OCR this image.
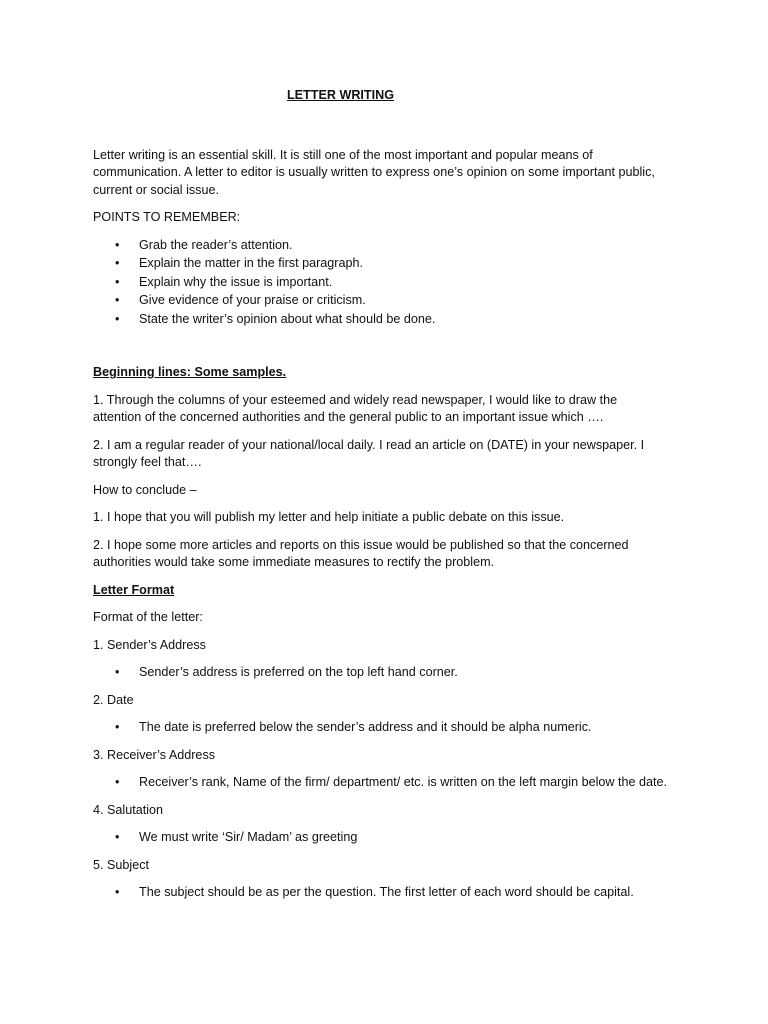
LETTER WRITING

Letter writing is an essential skill. It is still one of the most important and popular means of communication. A letter to editor is usually written to express one’s opinion on some important public, current or social issue.

POINTS TO REMEMBER:

• Grab the reader’s attention.
• Explain the matter in the first paragraph.
• Explain why the issue is important.
• Give evidence of your praise or criticism.
• State the writer’s opinion about what should be done.

Beginning lines: Some samples.

1. Through the columns of your esteemed and widely read newspaper, I would like to draw the attention of the concerned authorities and the general public to an important issue which ….

2. I am a regular reader of your national/local daily. I read an article on (DATE) in your newspaper. I strongly feel that….

How to conclude –

1. I hope that you will publish my letter and help initiate a public debate on this issue.

2. I hope some more articles and reports on this issue would be published so that the concerned authorities would take some immediate measures to rectify the problem.

Letter Format

Format of the letter:

1. Sender’s Address

• Sender’s address is preferred on the top left hand corner.

2. Date

• The date is preferred below the sender’s address and it should be alpha numeric.

3. Receiver’s Address

• Receiver’s rank, Name of the firm/ department/ etc. is written on the left margin below the date.

4. Salutation

• We must write ‘Sir/ Madam’ as greeting

5. Subject

• The subject should be as per the question. The first letter of each word should be capital.
